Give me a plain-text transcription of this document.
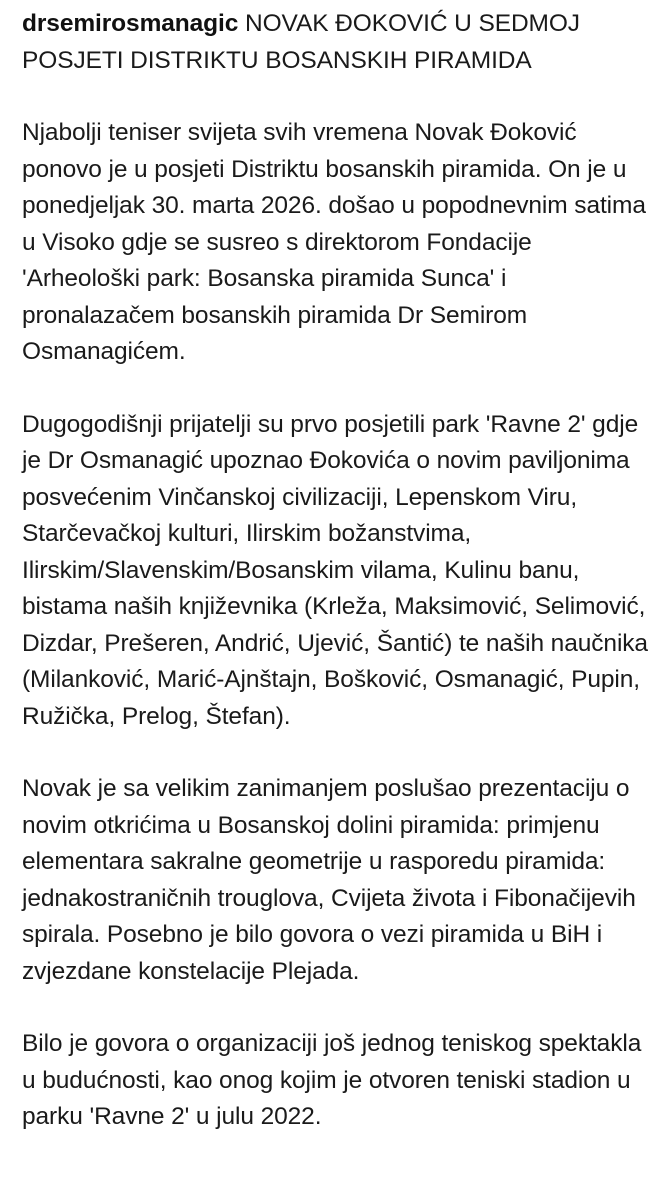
drsemirosmanagic NOVAK ĐOKOVIĆ U SEDMOJ POSJETI DISTRIKTU BOSANSKIH PIRAMIDA

Njabolji teniser svijeta svih vremena Novak Đoković ponovo je u posjeti Distriktu bosanskih piramida. On je u ponedjeljak 30. marta 2026. došao u popodnevnim satima u Visoko gdje se susreo s direktorom Fondacije 'Arheološki park: Bosanska piramida Sunca' i pronalazačem bosanskih piramida Dr Semirom Osmanagićem.

Dugogodišnji prijatelji su prvo posjetili park 'Ravne 2' gdje je Dr Osmanagić upoznao Đokovića o novim paviljonima posvećenim Vinčanskoj civilizaciji, Lepenskom Viru, Starčevačkoj kulturi, Ilirskim božanstvima, Ilirskim/Slavenskim/Bosanskim vilama, Kulinu banu, bistama naših književnika (Krleža, Maksimović, Selimović, Dizdar, Prešeren, Andrić, Ujević, Šantić) te naših naučnika (Milanković, Marić-Ajnštajn, Bošković, Osmanagić, Pupin, Ružička, Prelog, Štefan).

Novak je sa velikim zanimanjem poslušao prezentaciju o novim otkrićima u Bosanskoj dolini piramida: primjenu elementara sakralne geometrije u rasporedu piramida: jednakostraničnih trouglova, Cvijeta života i Fibonačijevih spirala. Posebno je bilo govora o vezi piramida u BiH i zvjezdane konstelacije Plejada.

Bilo je govora o organizaciji još jednog teniskog spektakla u budućnosti, kao onog kojim je otvoren teniski stadion u parku 'Ravne 2' u julu 2022.
